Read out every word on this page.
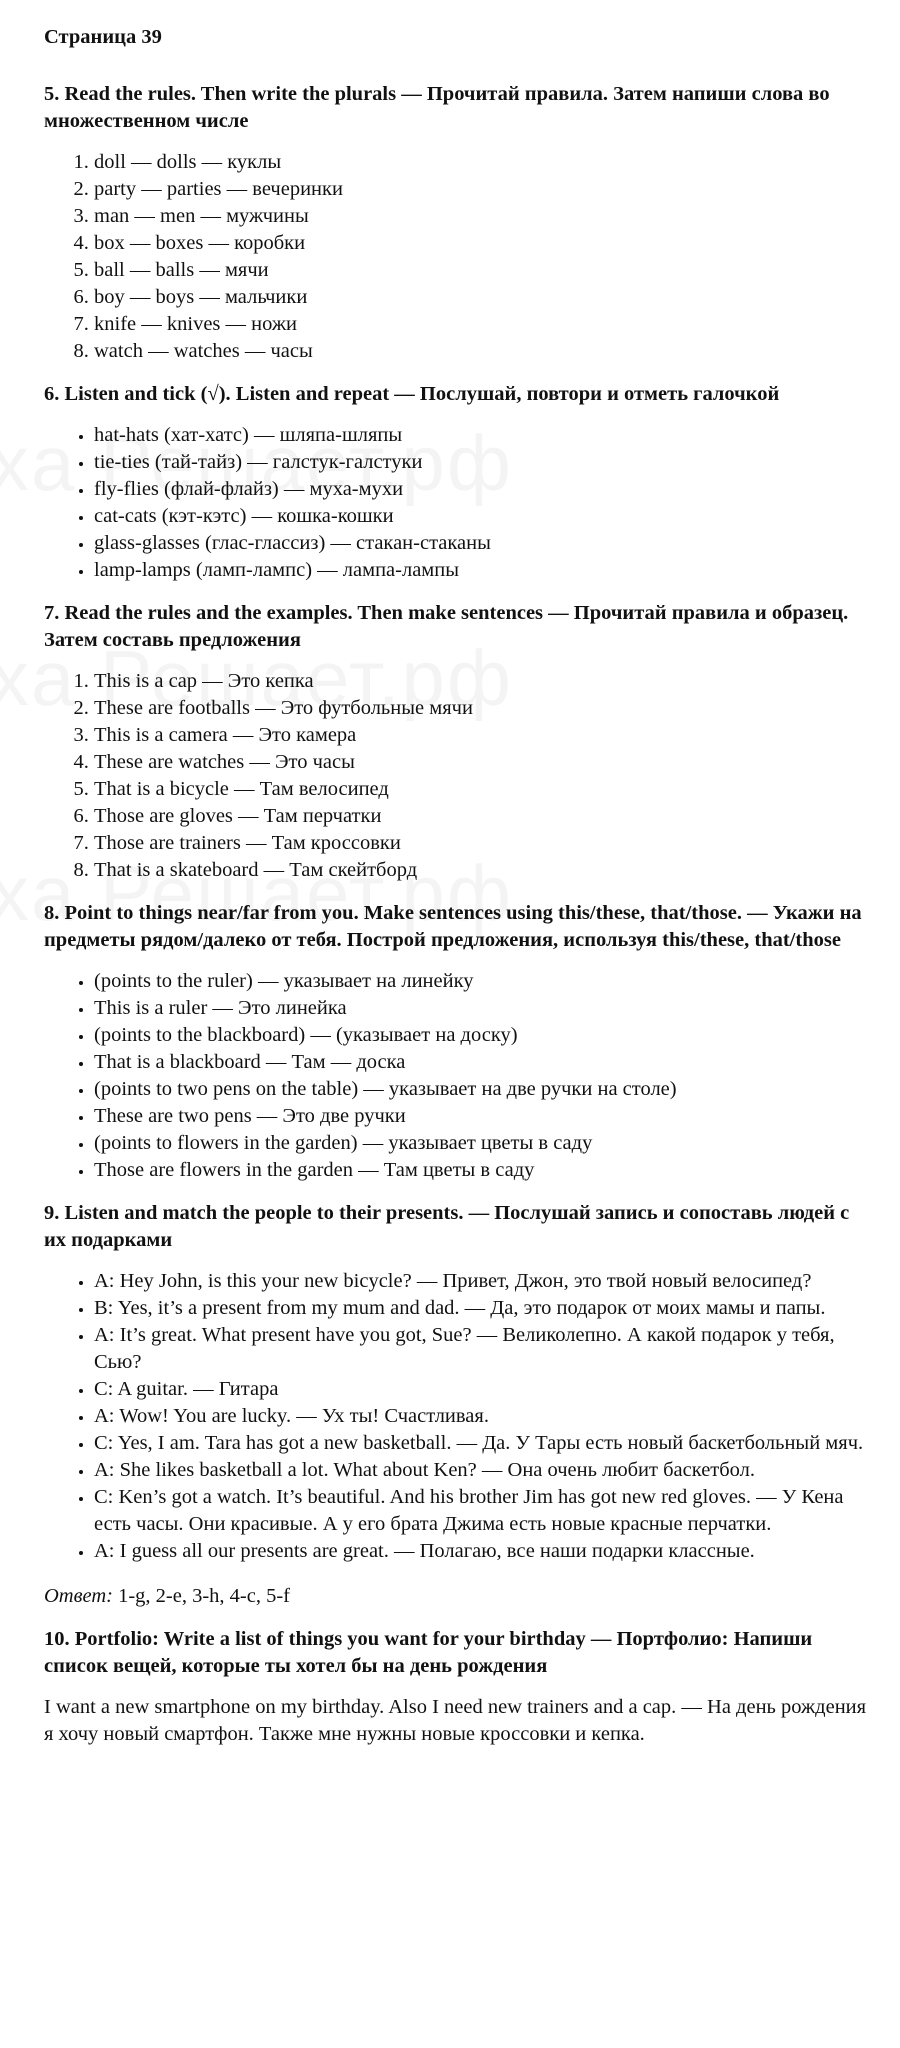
Страница 39
5. Read the rules. Then write the plurals — Прочитай правила. Затем напиши слова во множественном числе
1. doll — dolls — куклы
2. party — parties — вечеринки
3. man — men — мужчины
4. box — boxes — коробки
5. ball — balls — мячи
6. boy — boys — мальчики
7. knife — knives — ножи
8. watch — watches — часы
6. Listen and tick (√). Listen and repeat — Послушай, повтори и отметь галочкой
• hat-hats (хат-хатс) — шляпа-шляпы
• tie-ties (тай-тайз) — галстук-галстуки
• fly-flies (флай-флайз) — муха-мухи
• cat-cats (кэт-кэтс) — кошка-кошки
• glass-glasses (глас-глассиз) — стакан-стаканы
• lamp-lamps (ламп-лампс) — лампа-лампы
7. Read the rules and the examples. Then make sentences — Прочитай правила и образец. Затем составь предложения
1. This is a cap — Это кепка
2. These are footballs — Это футбольные мячи
3. This is a camera — Это камера
4. These are watches — Это часы
5. That is a bicycle — Там велосипед
6. Those are gloves — Там перчатки
7. Those are trainers — Там кроссовки
8. That is a skateboard — Там скейтборд
8. Point to things near/far from you. Make sentences using this/these, that/those. — Укажи на предметы рядом/далеко от тебя. Построй предложения, используя this/these, that/those
• (points to the ruler) — указывает на линейку
• This is a ruler — Это линейка
• (points to the blackboard) — (указывает на доску)
• That is a blackboard — Там — доска
• (points to two pens on the table) — указывает на две ручки на столе)
• These are two pens — Это две ручки
• (points to flowers in the garden) — указывает цветы в саду
• Those are flowers in the garden — Там цветы в саду
9. Listen and match the people to their presents. — Послушай запись и сопоставь людей с их подарками
• A: Hey John, is this your new bicycle? — Привет, Джон, это твой новый велосипед?
• B: Yes, it’s a present from my mum and dad. — Да, это подарок от моих мамы и папы.
• A: It’s great. What present have you got, Sue? — Великолепно. А какой подарок у тебя, Сью?
• C: A guitar. — Гитара
• A: Wow! You are lucky. — Ух ты! Счастливая.
• C: Yes, I am. Tara has got a new basketball. — Да. У Тары есть новый баскетбольный мяч.
• A: She likes basketball a lot. What about Ken? — Она очень любит баскетбол.
• C: Ken’s got a watch. It’s beautiful. And his brother Jim has got new red gloves. — У Кена есть часы. Они красивые. А у его брата Джима есть новые красные перчатки.
• A: I guess all our presents are great. — Полагаю, все наши подарки классные.
Ответ: 1-g, 2-e, 3-h, 4-c, 5-f
10. Portfolio: Write a list of things you want for your birthday — Портфолио: Напиши список вещей, которые ты хотел бы на день рождения

I want a new smartphone on my birthday. Also I need new trainers and a cap. — На день рождения я хочу новый смартфон. Также мне нужны новые кроссовки и кепка.
